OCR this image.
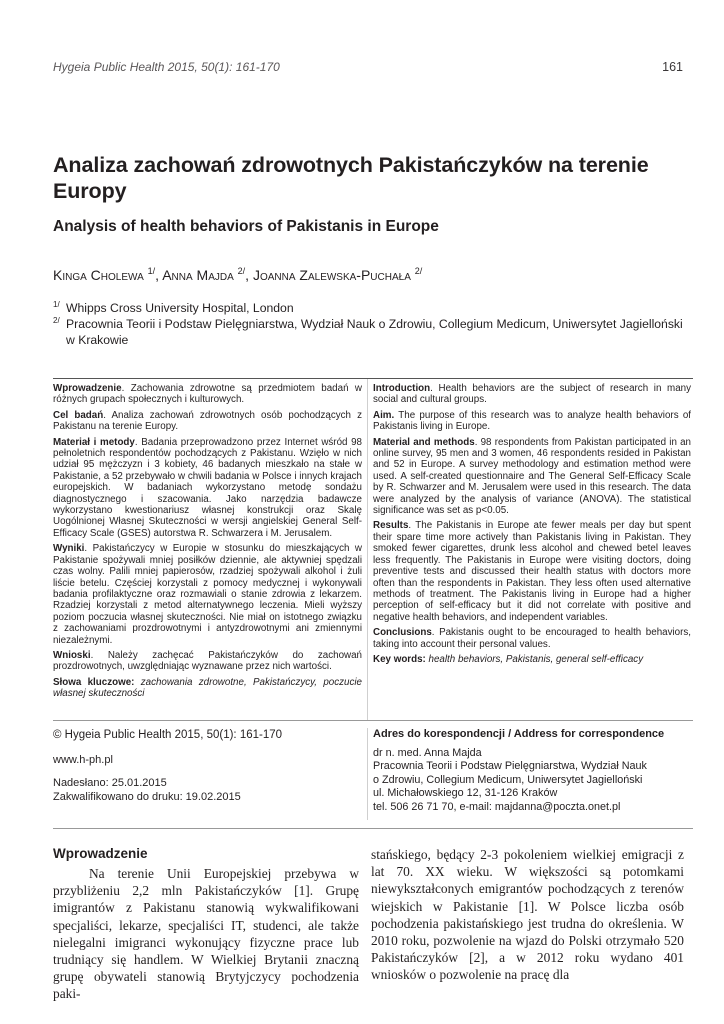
Hygeia Public Health 2015, 50(1): 161-170	161
Analiza zachowań zdrowotnych Pakistańczyków na terenie Europy
Analysis of health behaviors of Pakistanis in Europe
Kinga Cholewa $^{1/}$, Anna Majda $^{2/}$, Joanna Zalewska-Puchała $^{2/}$
1/ Whipps Cross University Hospital, London
2/ Pracownia Teorii i Podstaw Pielęgniarstwa, Wydział Nauk o Zdrowiu, Collegium Medicum, Uniwersytet Jagielloński w Krakowie

Wprowadzenie. Zachowania zdrowotne są przedmiotem badań w różnych grupach społecznych i kulturowych.

Cel badań. Analiza zachowań zdrowotnych osób pochodzących z Pakistanu na terenie Europy.

Materiał i metody. Badania przeprowadzono przez Internet wśród 98 pełnoletnich respondentów pochodzących z Pakistanu. Wzięło w nich udział 95 mężczyzn i 3 kobiety, 46 badanych mieszkało na stałe w Pakistanie, a 52 przebywało w chwili badania w Polsce i innych krajach europejskich. W badaniach wykorzystano metodę sondażu diagnostycznego i szacowania. Jako narzędzia badawcze wykorzystano kwestionariusz własnej konstrukcji oraz Skalę Uogólnionej Własnej Skuteczności w wersji angielskiej General Self-Efficacy Scale (GSES) autorstwa R. Schwarzera i M. Jerusalem.

Wyniki. Pakistańczycy w Europie w stosunku do mieszkających w Pakistanie spożywali mniej posiłków dziennie, ale aktywniej spędzali czas wolny. Palili mniej papierosów, rzadziej spożywali alkohol i żuli liście betelu. Częściej korzystali z pomocy medycznej i wykonywali badania profilaktyczne oraz rozmawiali o stanie zdrowia z lekarzem. Rzadziej korzystali z metod alternatywnego leczenia. Mieli wyższy poziom poczucia własnej skuteczności. Nie miał on istotnego związku z zachowaniami prozdrowotnymi i antyzdrowotnymi ani zmiennymi niezależnymi.

Wnioski. Należy zachęcać Pakistańczyków do zachowań prozdrowotnych, uwzględniając wyznawane przez nich wartości.

Słowa kluczowe: zachowania zdrowotne, Pakistańczycy, poczucie własnej skuteczności

Introduction. Health behaviors are the subject of research in many social and cultural groups.

Aim. The purpose of this research was to analyze health behaviors of Pakistanis living in Europe.

Material and methods. 98 respondents from Pakistan participated in an online survey, 95 men and 3 women, 46 respondents resided in Pakistan and 52 in Europe. A survey methodology and estimation method were used. A self-created questionnaire and The General Self-Efficacy Scale by R. Schwarzer and M. Jerusalem were used in this research. The data were analyzed by the analysis of variance (ANOVA). The statistical significance was set as p<0.05.

Results. The Pakistanis in Europe ate fewer meals per day but spent their spare time more actively than Pakistanis living in Pakistan. They smoked fewer cigarettes, drunk less alcohol and chewed betel leaves less frequently. The Pakistanis in Europe were visiting doctors, doing preventive tests and discussed their health status with doctors more often than the respondents in Pakistan. They less often used alternative methods of treatment. The Pakistanis living in Europe had a higher perception of self-efficacy but it did not correlate with positive and negative health behaviors, and independent variables.

Conclusions. Pakistanis ought to be encouraged to health behaviors, taking into account their personal values.

Key words: health behaviors, Pakistanis, general self-efficacy

© Hygeia Public Health 2015, 50(1): 161-170
www.h-ph.pl
Nadesłano: 25.01.2015
Zakwalifikowano do druku: 19.02.2015
Adres do korespondencji / Address for correspondence
dr n. med. Anna Majda
Pracownia Teorii i Podstaw Pielęgniarstwa, Wydział Nauk
o Zdrowiu, Collegium Medicum, Uniwersytet Jagielloński
ul. Michałowskiego 12, 31-126 Kraków
tel. 506 26 71 70, e-mail: majdanna@poczta.onet.pl
Wprowadzenie

Na terenie Unii Europejskiej przebywa w przybliżeniu 2,2 mln Pakistańczyków [1]. Grupę imigrantów z Pakistanu stanowią wykwalifikowani specjaliści, lekarze, specjaliści IT, studenci, ale także nielegalni imigranci wykonujący fizyczne prace lub trudniący się handlem. W Wielkiej Brytanii znaczną grupę obywateli stanowią Brytyjczycy pochodzenia paki-

stańskiego, będący 2-3 pokoleniem wielkiej emigracji z lat 70. XX wieku. W większości są potomkami niewykształconych emigrantów pochodzących z terenów wiejskich w Pakistanie [1]. W Polsce liczba osób pochodzenia pakistańskiego jest trudna do określenia. W 2010 roku, pozwolenie na wjazd do Polski otrzymało 520 Pakistańczyków [2], a w 2012 roku wydano 401 wniosków o pozwolenie na pracę dla
